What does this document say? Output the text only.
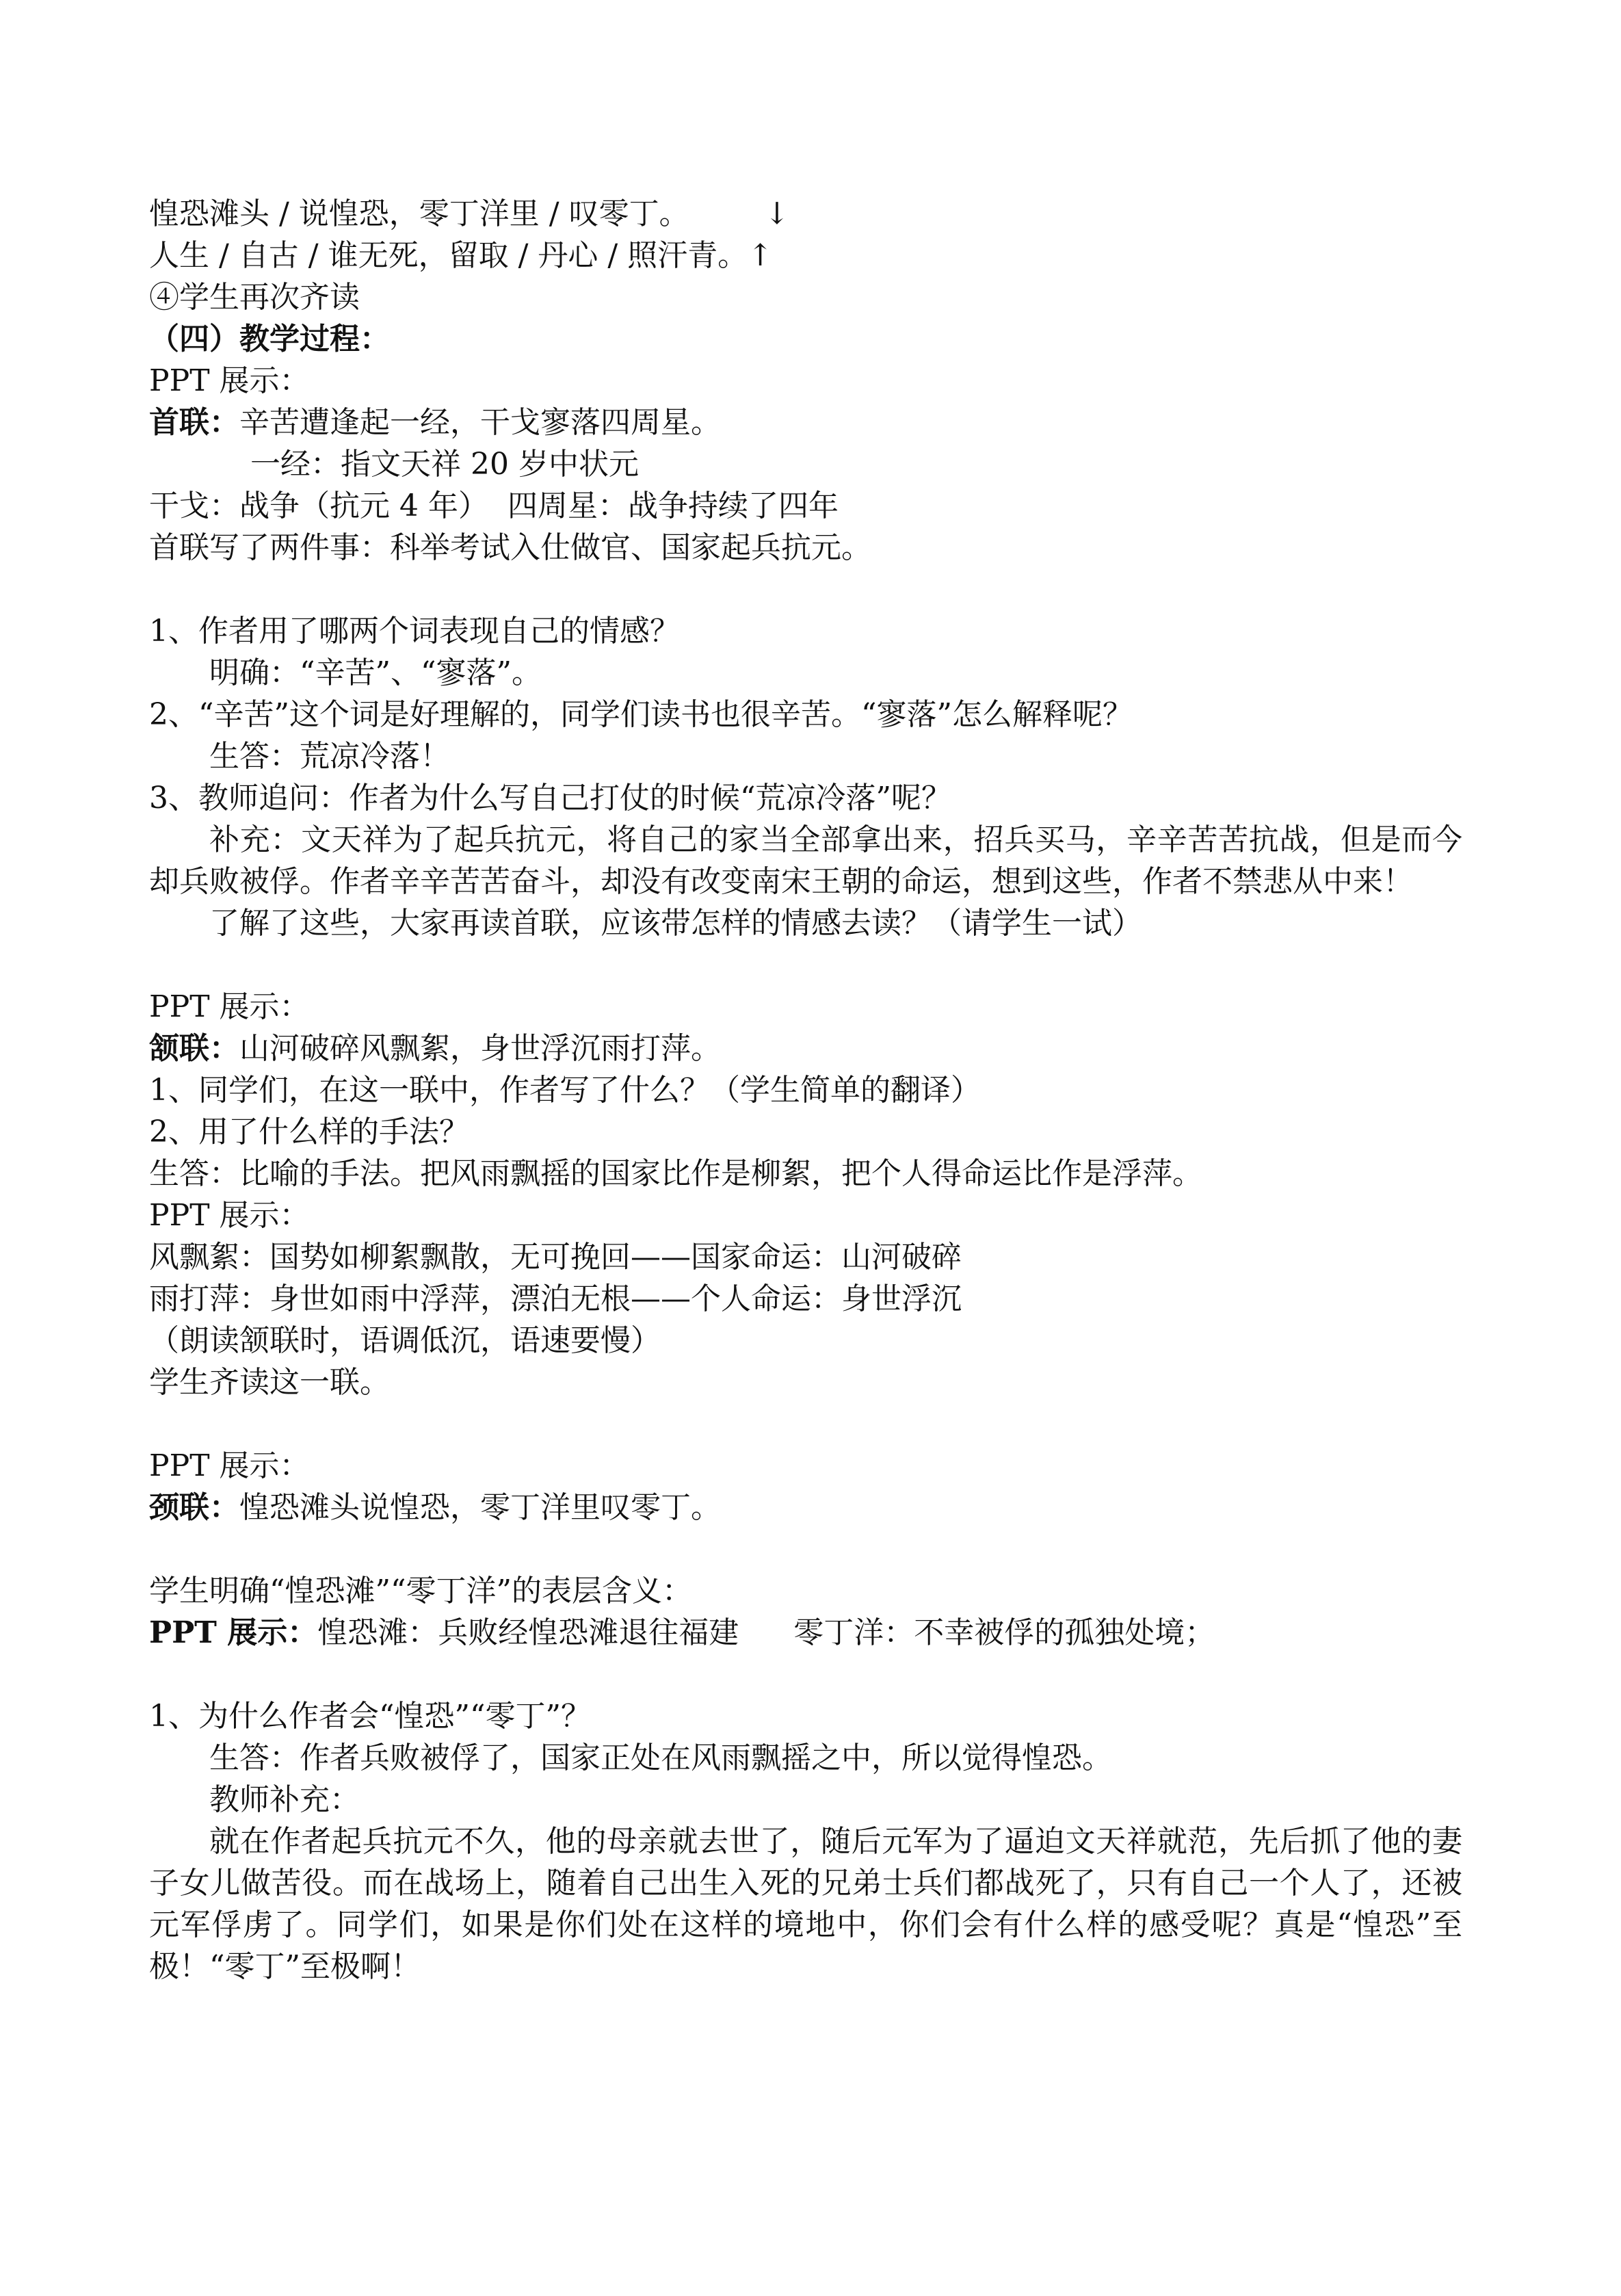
惶恐滩头 / 说惶恐，零丁洋里 / 叹零丁。	↓
人生 / 自古 / 谁无死，留取 / 丹心 / 照汗青。↑
④学生再次齐读
（四）教学过程：
PPT 展示：
首联：辛苦遭逢起一经，干戈寥落四周星。
一经：指文天祥 20 岁中状元
干戈：战争（抗元 4 年）  四周星：战争持续了四年
首联写了两件事：科举考试入仕做官、国家起兵抗元。
1、作者用了哪两个词表现自己的情感？
明确：“辛苦”、“寥落”。
2、“辛苦”这个词是好理解的，同学们读书也很辛苦。“寥落”怎么解释呢？
生答：荒凉冷落！
3、教师追问：作者为什么写自己打仗的时候“荒凉冷落”呢？
补充：文天祥为了起兵抗元，将自己的家当全部拿出来，招兵买马，辛辛苦苦抗战，但是而今却兵败被俘。作者辛辛苦苦奋斗，却没有改变南宋王朝的命运，想到这些，作者不禁悲从中来！
了解了这些，大家再读首联，应该带怎样的情感去读？（请学生一试）
PPT 展示：
颔联：山河破碎风飘絮，身世浮沉雨打萍。
1、同学们，在这一联中，作者写了什么？（学生简单的翻译）
2、用了什么样的手法？
生答：比喻的手法。把风雨飘摇的国家比作是柳絮，把个人得命运比作是浮萍。
PPT 展示：
风飘絮：国势如柳絮飘散，无可挽回——国家命运：山河破碎
雨打萍：身世如雨中浮萍，漂泊无根——个人命运：身世浮沉
（朗读颔联时，语调低沉，语速要慢）
学生齐读这一联。
PPT 展示：
颈联：惶恐滩头说惶恐，零丁洋里叹零丁。
学生明确“惶恐滩”“零丁洋”的表层含义：
PPT 展示：惶恐滩：兵败经惶恐滩退往福建 零丁洋：不幸被俘的孤独处境；
1、为什么作者会“惶恐”“零丁”？
生答：作者兵败被俘了，国家正处在风雨飘摇之中，所以觉得惶恐。
教师补充：
就在作者起兵抗元不久，他的母亲就去世了，随后元军为了逼迫文天祥就范，先后抓了他的妻子女儿做苦役。而在战场上，随着自己出生入死的兄弟士兵们都战死了，只有自己一个人了，还被元军俘虏了。同学们，如果是你们处在这样的境地中，你们会有什么样的感受呢？真是“惶恐”至极！“零丁”至极啊！
